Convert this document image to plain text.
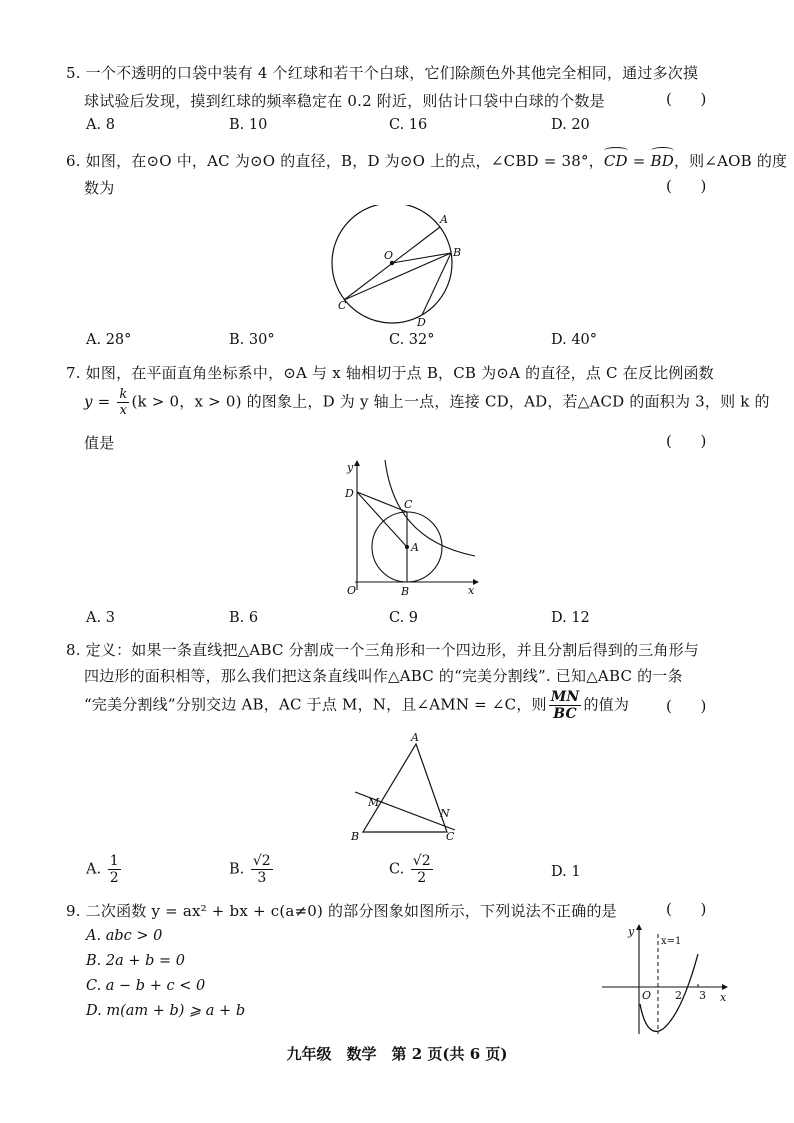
5. 一个不透明的口袋中装有 4 个红球和若干个白球，它们除颜色外其他完全相同，通过多次摸
球试验后发现，摸到红球的频率稳定在 0.2 附近，则估计口袋中白球的个数是	(      )
A. 8	B. 10	C. 16	D. 20
6. 如图，在⊙O 中，AC 为⊙O 的直径，B，D 为⊙O 上的点，∠CBD = 38°，CD = BD，则∠AOB 的度
数为	(      )
A
B
O
C
D
A. 28°	B. 30°	C. 32°	D. 40°
7. 如图，在平面直角坐标系中，⊙A 与 x 轴相切于点 B，CB 为⊙A 的直径，点 C 在反比例函数
$y = \frac{k}{x} (k > 0$，x > 0) 的图象上，D 为 y 轴上一点，连接 CD，AD，若△ACD 的面积为 3，则 k 的
值是	(      )
y
D
C
A
O	B	x
A. 3	B. 6	C. 9	D. 12
8. 定义：如果一条直线把△ABC 分割成一个三角形和一个四边形，并且分割后得到的三角形与
四边形的面积相等，那么我们把这条直线叫作△ABC 的“完美分割线”. 已知△ABC 的一条
“完美分割线”分别交边 AB，AC 于点 M，N，且∠AMN = ∠C，则 $\frac{MN}{BC}$ 的值为 (      )
A
M
N
B	C
A. $\frac{1}{2}$	B. $\frac{√2}{3}$	C. $\frac{√2}{2}$	D. 1
9. 二次函数 y = ax² + bx + c(a≠0) 的部分图象如图所示，下列说法不正确的是	(      )
A. abc > 0
B. 2a + b = 0
C. a − b + c < 0
D. m(am + b) ⩾ a + b
y
x=1
O 2 3 x
九年级　数学　第 2 页(共 6 页)
